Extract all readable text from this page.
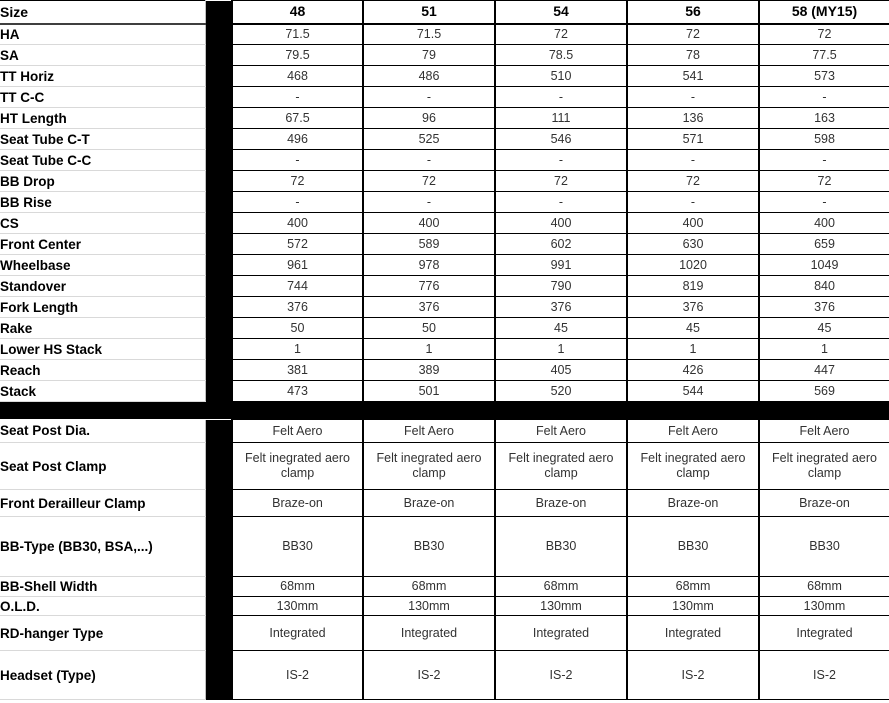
Size		48	51	54	56	58 (MY15)
HA		71.5	71.5	72	72	72
SA		79.5	79	78.5	78	77.5
TT Horiz		468	486	510	541	573
TT C-C		-	-	-	-	-
HT Length		67.5	96	111	136	163
Seat Tube C-T		496	525	546	571	598
Seat Tube C-C		-	-	-	-	-
BB Drop		72	72	72	72	72
BB Rise		-	-	-	-	-
CS		400	400	400	400	400
Front Center		572	589	602	630	659
Wheelbase		961	978	991	1020	1049
Standover		744	776	790	819	840
Fork Length		376	376	376	376	376
Rake		50	50	45	45	45
Lower HS Stack		1	1	1	1	1
Reach		381	389	405	426	447
Stack		473	501	520	544	569

Seat Post Dia.		Felt Aero	Felt Aero	Felt Aero	Felt Aero	Felt Aero
Seat Post Clamp		Felt inegrated aero clamp	Felt inegrated aero clamp	Felt inegrated aero clamp	Felt inegrated aero clamp	Felt inegrated aero clamp
Front Derailleur Clamp		Braze-on	Braze-on	Braze-on	Braze-on	Braze-on
BB-Type (BB30, BSA,...)		BB30	BB30	BB30	BB30	BB30
BB-Shell Width		68mm	68mm	68mm	68mm	68mm
O.L.D.		130mm	130mm	130mm	130mm	130mm
RD-hanger Type		Integrated	Integrated	Integrated	Integrated	Integrated
Headset (Type)		IS-2	IS-2	IS-2	IS-2	IS-2
